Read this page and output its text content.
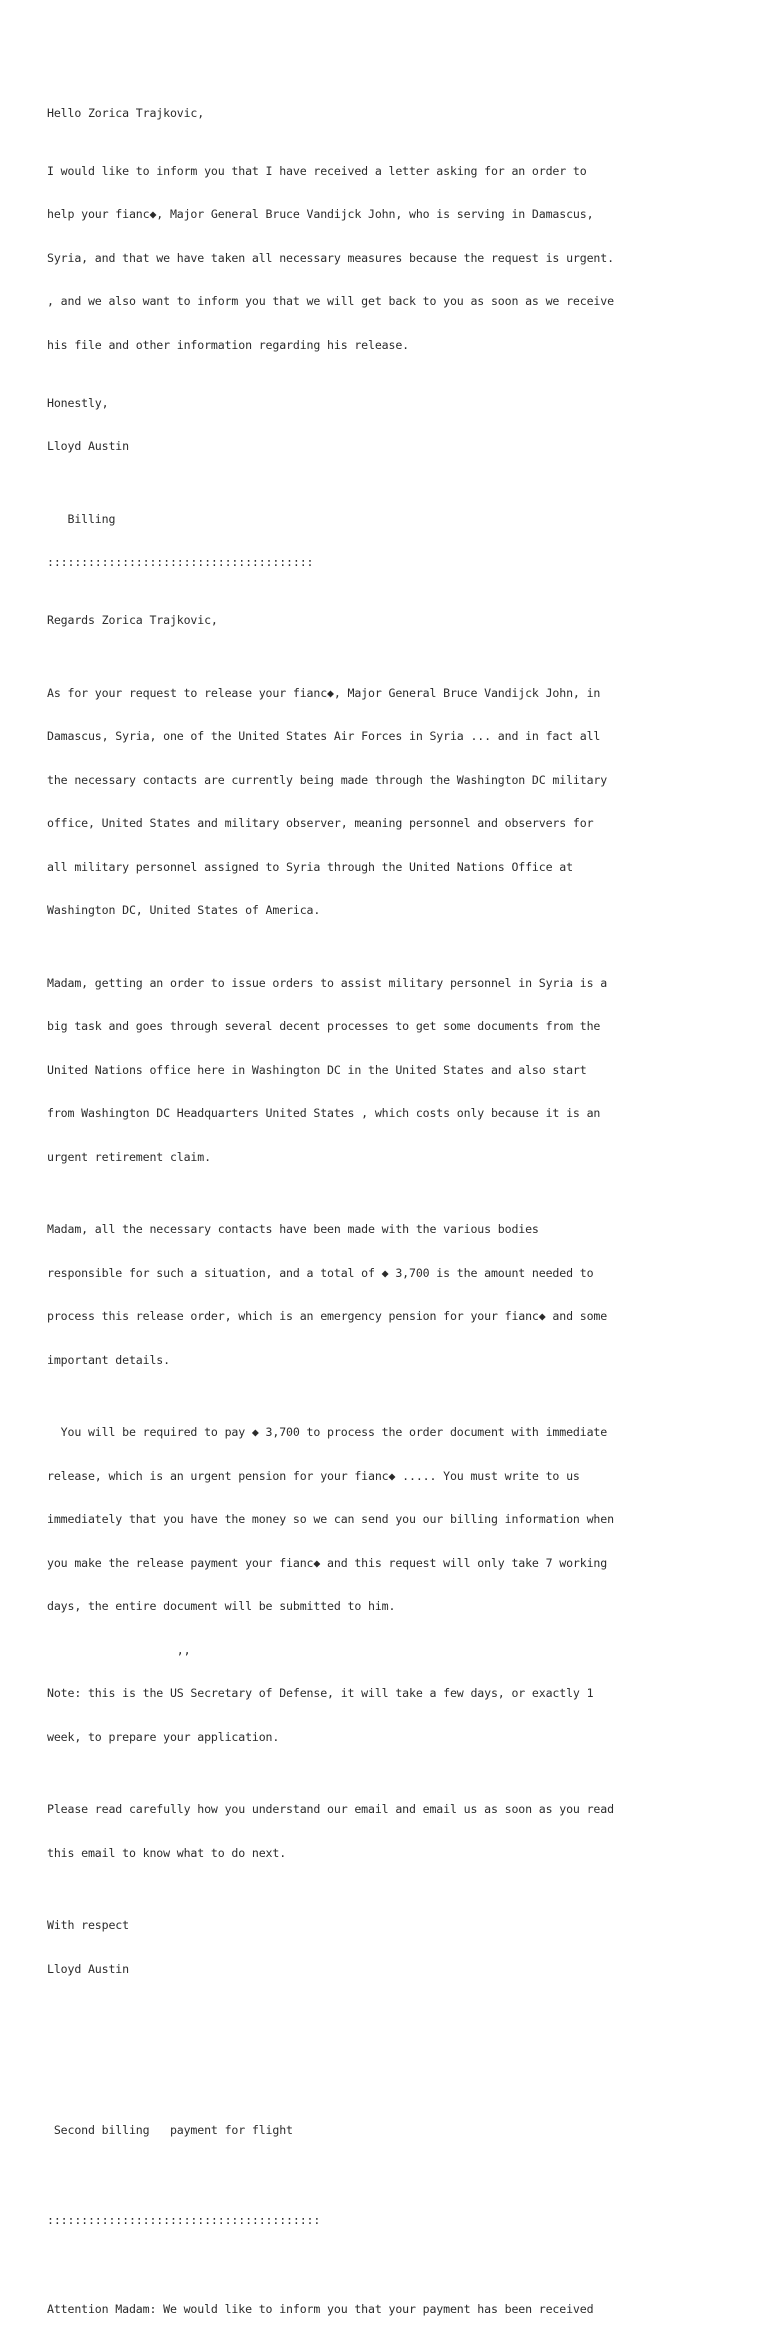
Hello Zorica Trajkovic,

I would like to inform you that I have received a letter asking for an order to

help your fianc◆, Major General Bruce Vandijck John, who is serving in Damascus,

Syria, and that we have taken all necessary measures because the request is urgent.

, and we also want to inform you that we will get back to you as soon as we receive

his file and other information regarding his release.

Honestly,

Lloyd Austin

Billing

:::::::::::::::::::::::::::::::::::::::

Regards Zorica Trajkovic,

As for your request to release your fianc◆, Major General Bruce Vandijck John, in

Damascus, Syria, one of the United States Air Forces in Syria ... and in fact all

the necessary contacts are currently being made through the Washington DC military

office, United States and military observer, meaning personnel and observers for

all military personnel assigned to Syria through the United Nations Office at

Washington DC, United States of America.

Madam, getting an order to issue orders to assist military personnel in Syria is a

big task and goes through several decent processes to get some documents from the

United Nations office here in Washington DC in the United States and also start

from Washington DC Headquarters United States , which costs only because it is an

urgent retirement claim.

Madam, all the necessary contacts have been made with the various bodies

responsible for such a situation, and a total of ◆ 3,700 is the amount needed to

process this release order, which is an emergency pension for your fianc◆ and some

important details.

You will be required to pay ◆ 3,700 to process the order document with immediate

release, which is an urgent pension for your fianc◆ ..... You must write to us

immediately that you have the money so we can send you our billing information when

you make the release payment your fianc◆ and this request will only take 7 working

days, the entire document will be submitted to him.

,,

Note: this is the US Secretary of Defense, it will take a few days, or exactly 1

week, to prepare your application.

Please read carefully how you understand our email and email us as soon as you read

this email to know what to do next.

With respect

Lloyd Austin

Second billing   payment for flight

::::::::::::::::::::::::::::::::::::::::

Attention Madam: We would like to inform you that your payment has been received
